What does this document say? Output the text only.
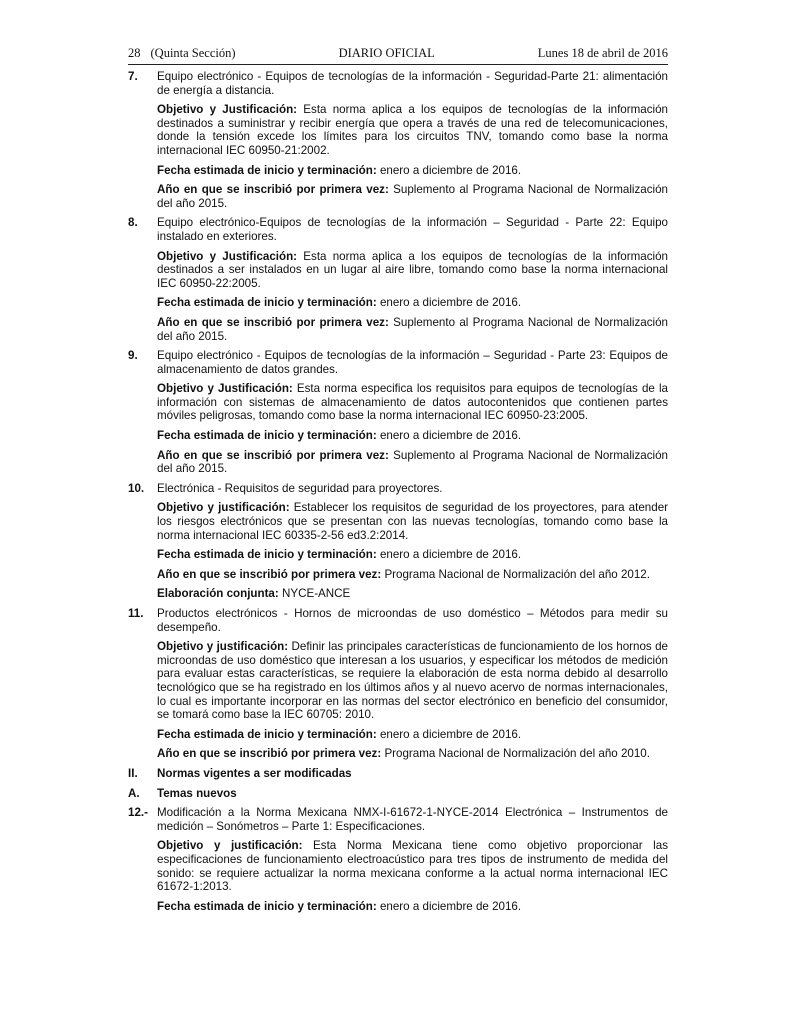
28 (Quinta Sección)	DIARIO OFICIAL	Lunes 18 de abril de 2016
7.	Equipo electrónico - Equipos de tecnologías de la información - Seguridad-Parte 21: alimentación de energía a distancia.
Objetivo y Justificación: Esta norma aplica a los equipos de tecnologías de la información destinados a suministrar y recibir energía que opera a través de una red de telecomunicaciones, donde la tensión excede los límites para los circuitos TNV, tomando como base la norma internacional IEC 60950-21:2002.
Fecha estimada de inicio y terminación: enero a diciembre de 2016.
Año en que se inscribió por primera vez: Suplemento al Programa Nacional de Normalización del año 2015.
8.	Equipo electrónico-Equipos de tecnologías de la información – Seguridad - Parte 22: Equipo instalado en exteriores.
Objetivo y Justificación: Esta norma aplica a los equipos de tecnologías de la información destinados a ser instalados en un lugar al aire libre, tomando como base la norma internacional IEC 60950-22:2005.
Fecha estimada de inicio y terminación: enero a diciembre de 2016.
Año en que se inscribió por primera vez: Suplemento al Programa Nacional de Normalización del año 2015.
9.	Equipo electrónico - Equipos de tecnologías de la información – Seguridad - Parte 23: Equipos de almacenamiento de datos grandes.
Objetivo y Justificación: Esta norma especifica los requisitos para equipos de tecnologías de la información con sistemas de almacenamiento de datos autocontenidos que contienen partes móviles peligrosas, tomando como base la norma internacional IEC 60950-23:2005.
Fecha estimada de inicio y terminación: enero a diciembre de 2016.
Año en que se inscribió por primera vez: Suplemento al Programa Nacional de Normalización del año 2015.
10.	Electrónica - Requisitos de seguridad para proyectores.
Objetivo y justificación: Establecer los requisitos de seguridad de los proyectores, para atender los riesgos electrónicos que se presentan con las nuevas tecnologías, tomando como base la norma internacional IEC 60335-2-56 ed3.2:2014.
Fecha estimada de inicio y terminación: enero a diciembre de 2016.
Año en que se inscribió por primera vez: Programa Nacional de Normalización del año 2012.
Elaboración conjunta: NYCE-ANCE
11.	Productos electrónicos - Hornos de microondas de uso doméstico – Métodos para medir su desempeño.
Objetivo y justificación: Definir las principales características de funcionamiento de los hornos de microondas de uso doméstico que interesan a los usuarios, y especificar los métodos de medición para evaluar estas características, se requiere la elaboración de esta norma debido al desarrollo tecnológico que se ha registrado en los últimos años y al nuevo acervo de normas internacionales, lo cual es importante incorporar en las normas del sector electrónico en beneficio del consumidor, se tomará como base la IEC 60705: 2010.
Fecha estimada de inicio y terminación: enero a diciembre de 2016.
Año en que se inscribió por primera vez: Programa Nacional de Normalización del año 2010.
II.	Normas vigentes a ser modificadas
A.	Temas nuevos
12.- Modificación a la Norma Mexicana NMX-I-61672-1-NYCE-2014 Electrónica – Instrumentos de medición – Sonómetros – Parte 1: Especificaciones.
Objetivo y justificación: Esta Norma Mexicana tiene como objetivo proporcionar las especificaciones de funcionamiento electroacústico para tres tipos de instrumento de medida del sonido: se requiere actualizar la norma mexicana conforme a la actual norma internacional IEC 61672-1:2013.
Fecha estimada de inicio y terminación: enero a diciembre de 2016.
